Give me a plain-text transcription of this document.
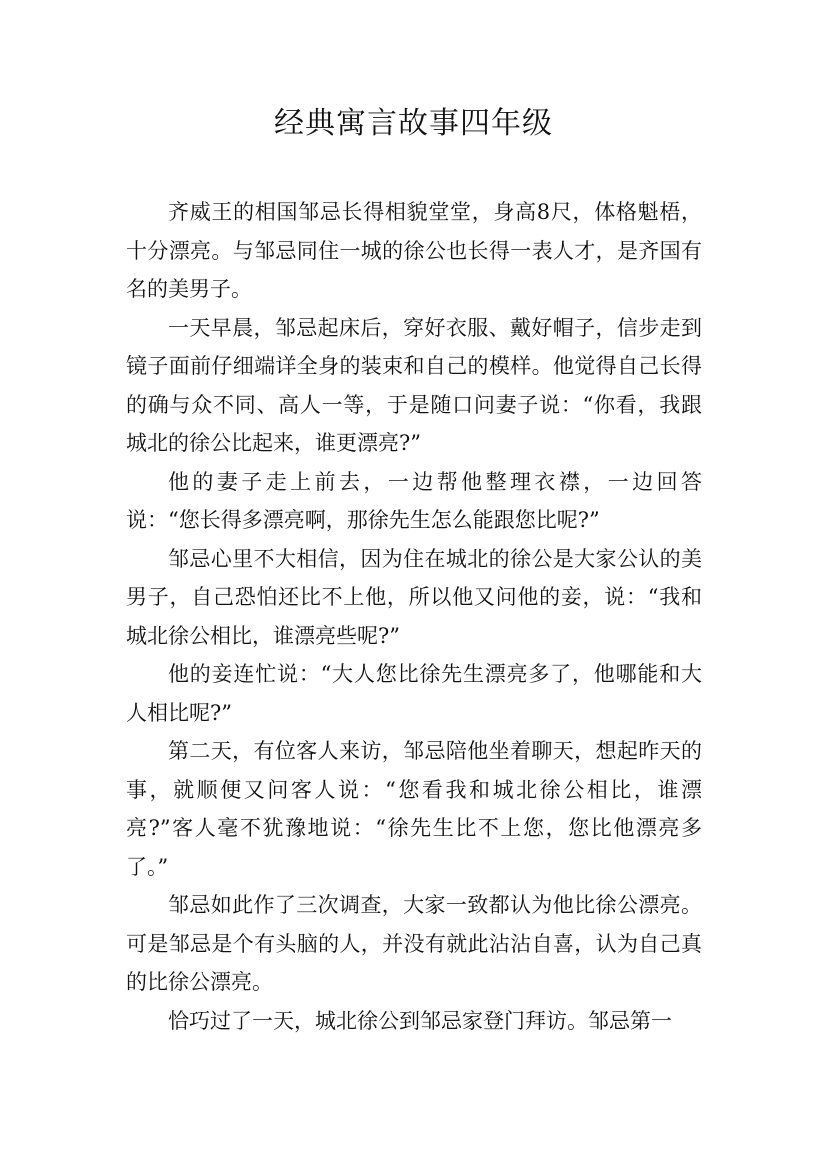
经典寓言故事四年级

齐威王的相国邹忌长得相貌堂堂，身高8尺，体格魁梧，十分漂亮。与邹忌同住一城的徐公也长得一表人才，是齐国有名的美男子。

一天早晨，邹忌起床后，穿好衣服、戴好帽子，信步走到镜子面前仔细端详全身的装束和自己的模样。他觉得自己长得的确与众不同、高人一等，于是随口问妻子说：“你看，我跟城北的徐公比起来，谁更漂亮?”

他的妻子走上前去，一边帮他整理衣襟，一边回答说：“您长得多漂亮啊，那徐先生怎么能跟您比呢?”

邹忌心里不大相信，因为住在城北的徐公是大家公认的美男子，自己恐怕还比不上他，所以他又问他的妾，说：“我和城北徐公相比，谁漂亮些呢?”

他的妾连忙说：“大人您比徐先生漂亮多了，他哪能和大人相比呢?”

第二天，有位客人来访，邹忌陪他坐着聊天，想起昨天的事，就顺便又问客人说：“您看我和城北徐公相比，谁漂亮?”客人毫不犹豫地说：“徐先生比不上您，您比他漂亮多了。”

邹忌如此作了三次调查，大家一致都认为他比徐公漂亮。可是邹忌是个有头脑的人，并没有就此沾沾自喜，认为自己真的比徐公漂亮。

恰巧过了一天，城北徐公到邹忌家登门拜访。邹忌第一
